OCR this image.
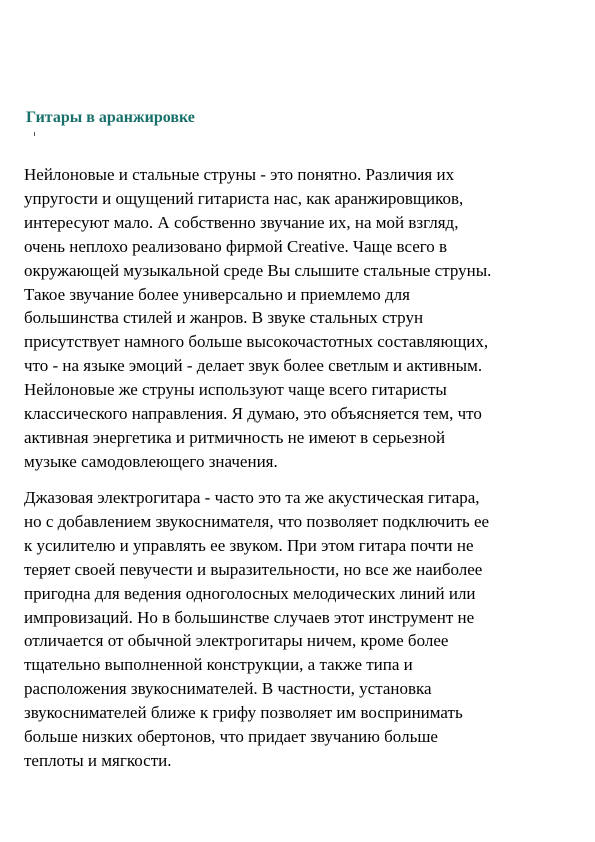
Гитары в аранжировке

Нейлоновые и стальные струны - это понятно. Различия их
упругости и ощущений гитариста нас, как аранжировщиков,
интересуют мало. А собственно звучание их, на мой взгляд,
очень неплохо реализовано фирмой Creative. Чаще всего в
окружающей музыкальной среде Вы слышите стальные струны.
Такое звучание более универсально и приемлемо для
большинства стилей и жанров. В звуке стальных струн
присутствует намного больше высокочастотных составляющих,
что - на языке эмоций - делает звук более светлым и активным.
Нейлоновые же струны используют чаще всего гитаристы
классического направления. Я думаю, это объясняется тем, что
активная энергетика и ритмичность не имеют в серьезной
музыке самодовлеющего значения.

Джазовая электрогитара - часто это та же акустическая гитара,
но с добавлением звукоснимателя, что позволяет подключить ее
к усилителю и управлять ее звуком. При этом гитара почти не
теряет своей певучести и выразительности, но все же наиболее
пригодна для ведения одноголосных мелодических линий или
импровизаций. Но в большинстве случаев этот инструмент не
отличается от обычной электрогитары ничем, кроме более
тщательно выполненной конструкции, а также типа и
расположения звукоснимателей. В частности, установка
звукоснимателей ближе к грифу позволяет им воспринимать
больше низких обертонов, что придает звучанию больше
теплоты и мягкости.
